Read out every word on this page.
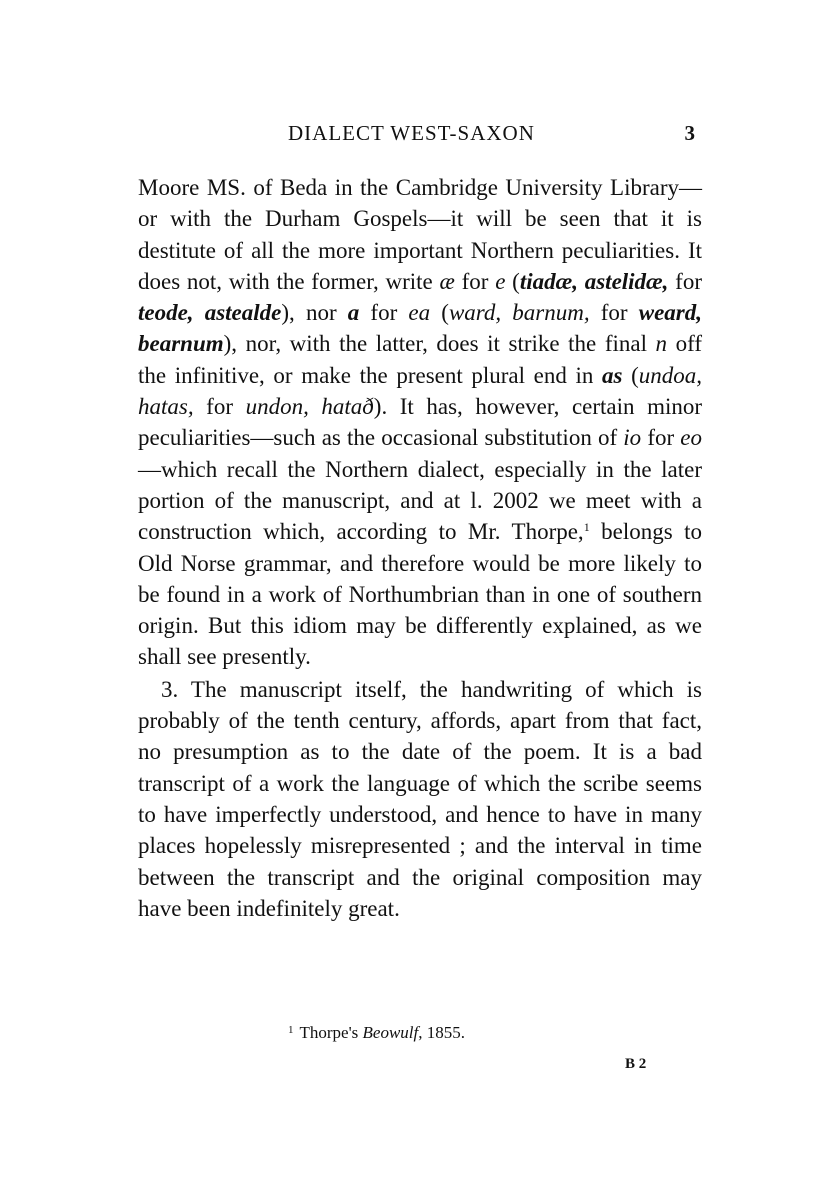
DIALECT WEST-SAXON	3

Moore MS. of Beda in the Cambridge University Library—or with the Durham Gospels—it will be seen that it is destitute of all the more important Northern peculiarities. It does not, with the former, write æ for e (tiadæ, astelidæ, for teode, astealde), nor a for ea (ward, barnum, for weard, bearnum), nor, with the latter, does it strike the final n off the infinitive, or make the present plural end in as (undoa, hatas, for undon, hatað). It has, however, certain minor peculiarities—such as the occasional substitution of io for eo—which recall the Northern dialect, especially in the later portion of the manuscript, and at l. 2002 we meet with a construction which, according to Mr. Thorpe,$^1$ belongs to Old Norse grammar, and therefore would be more likely to be found in a work of Northumbrian than in one of southern origin. But this idiom may be differently explained, as we shall see presently.

3. The manuscript itself, the handwriting of which is probably of the tenth century, affords, apart from that fact, no presumption as to the date of the poem. It is a bad transcript of a work the language of which the scribe seems to have imperfectly understood, and hence to have in many places hopelessly misrepresented ; and the interval in time between the transcript and the original composition may have been indefinitely great.

$^1$ Thorpe's Beowulf, 1855.
B 2
